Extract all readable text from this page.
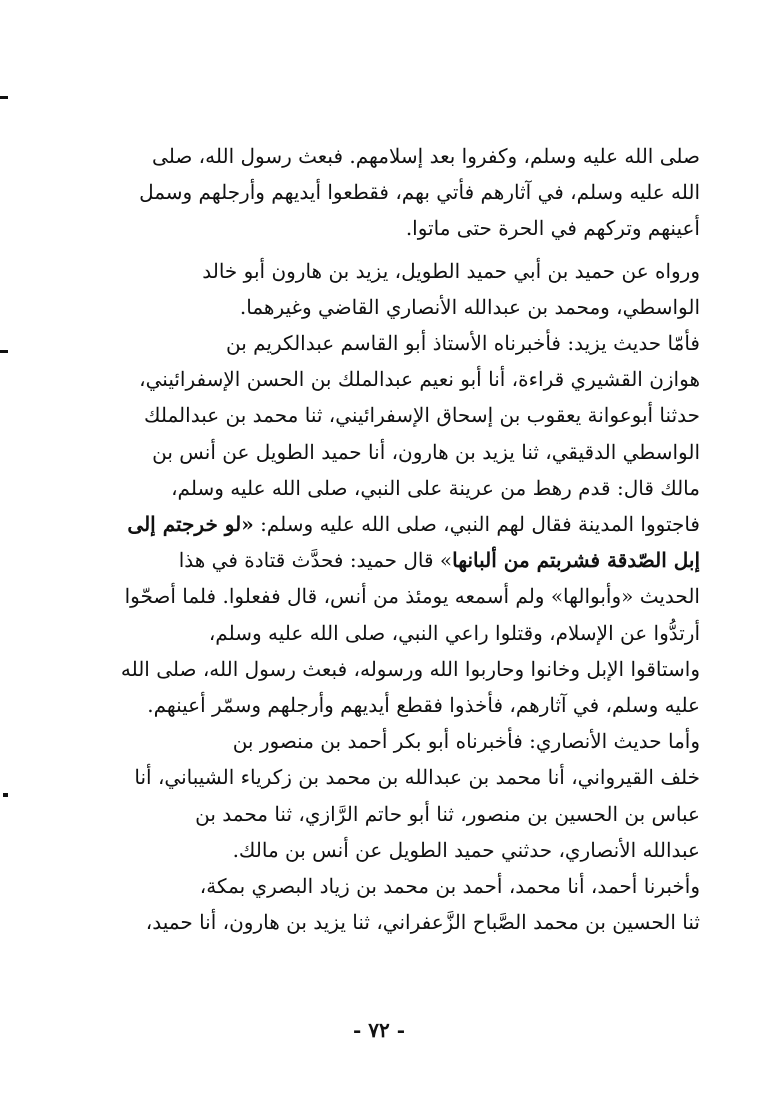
صلى الله عليه وسلم، وكفروا بعد إسلامهم. فبعث رسول الله، صلى
الله عليه وسلم، في آثارهم فأتي بهم، فقطعوا أيديهم وأرجلهم وسمل
أعينهم وتركهم في الحرة حتى ماتوا.

ورواه عن حميد بن أبي حميد الطويل، يزيد بن هارون أبو خالد
الواسطي، ومحمد بن عبدالله الأنصاري القاضي وغيرهما.

فأمّا حديث يزيد: فأخبرناه الأستاذ أبو القاسم عبدالكريم بن
هوازن القشيري قراءة، أنا أبو نعيم عبدالملك بن الحسن الإسفرائيني،
حدثنا أبوعوانة يعقوب بن إسحاق الإسفرائيني، ثنا محمد بن عبدالملك
الواسطي الدقيقي، ثنا يزيد بن هارون، أنا حميد الطويل عن أنس بن
مالك قال: قدم رهط من عرينة على النبي، صلى الله عليه وسلم،
فاجتووا المدينة فقال لهم النبي، صلى الله عليه وسلم: «لو خرجتم إلى
إبل الصّدقة فشربتم من ألبانها» قال حميد: فحدَّث قتادة في هذا
الحديث «وأبوالها» ولم أسمعه يومئذ من أنس، قال ففعلوا. فلما أصحّوا
أرتدُّوا عن الإسلام، وقتلوا راعي النبي، صلى الله عليه وسلم،
واستاقوا الإبل وخانوا وحاربوا الله ورسوله، فبعث رسول الله، صلى الله
عليه وسلم، في آثارهم، فأخذوا فقطع أيديهم وأرجلهم وسمّر أعينهم.

وأما حديث الأنصاري: فأخبرناه أبو بكر أحمد بن منصور بن
خلف القيرواني، أنا محمد بن عبدالله بن محمد بن زكرياء الشيباني، أنا
عباس بن الحسين بن منصور، ثنا أبو حاتم الرَّازي، ثنا محمد بن
عبدالله الأنصاري، حدثني حميد الطويل عن أنس بن مالك.

وأخبرنا أحمد، أنا محمد، أحمد بن محمد بن زياد البصري بمكة،
ثنا الحسين بن محمد الصَّباح الزَّعفراني، ثنا يزيد بن هارون، أنا حميد،

- ٧٢ -
